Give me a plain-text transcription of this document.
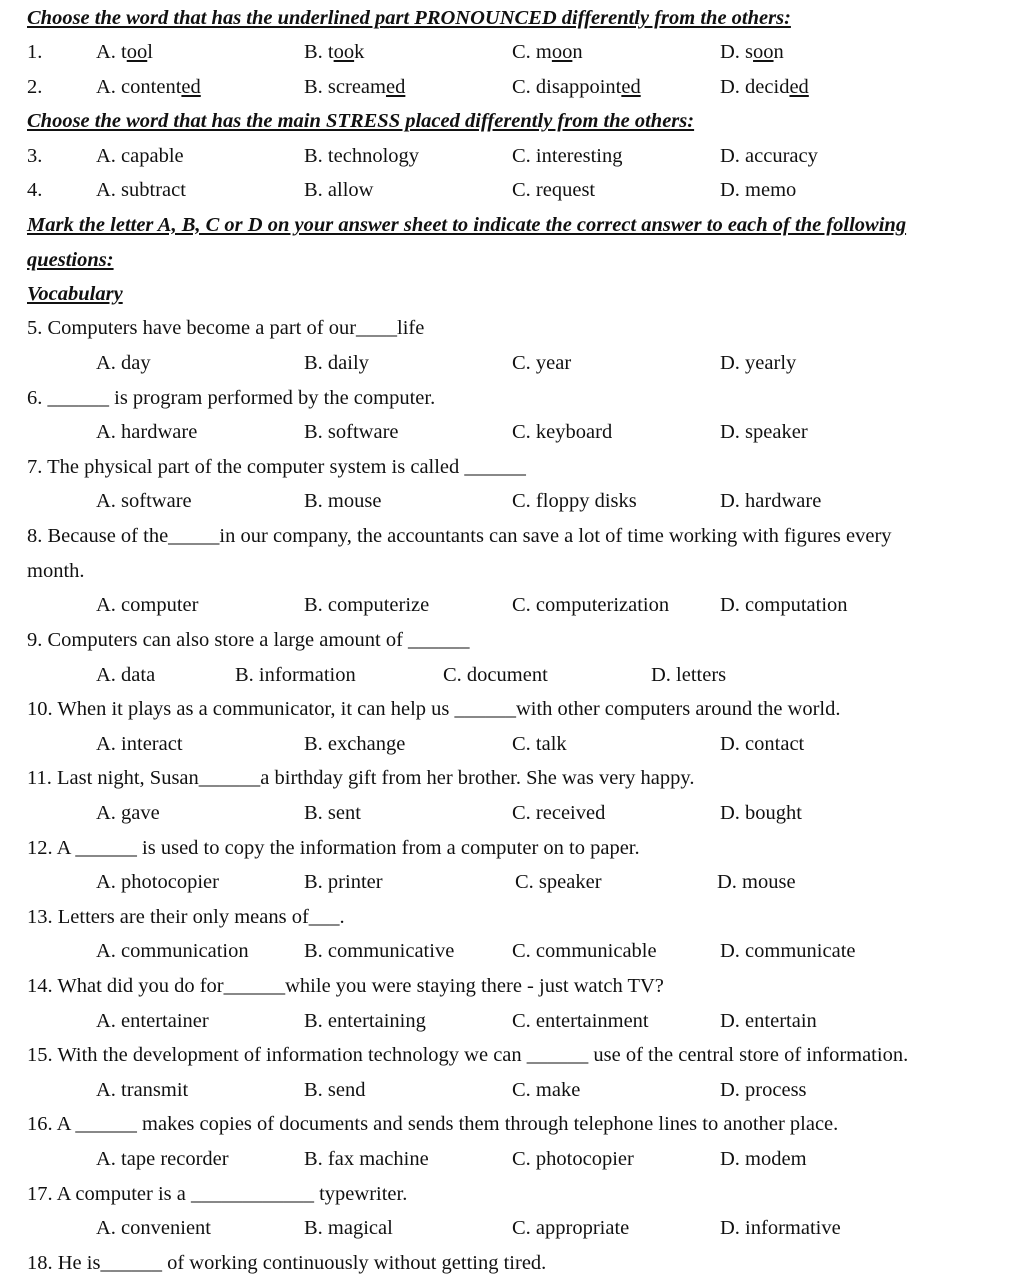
Choose the word that has the underlined part PRONOUNCED differently from the others:
1.	A. tool	B. took	C. moon	D. soon
2.	A. contented	B. screamed	C. disappointed	D. decided
Choose the word that has the main STRESS placed differently from the others:
3.	A. capable	B. technology	C. interesting	D. accuracy
4.	A. subtract	B. allow	C. request	D. memo
Mark the letter A, B, C or D on your answer sheet to indicate the correct answer to each of the following
questions:
Vocabulary
5. Computers have become a part of our____life
A. day	B. daily	C. year	D. yearly
6. ______ is program performed by the computer.
A. hardware	B. software	C. keyboard	D. speaker
7. The physical part of the computer system is called ______
A. software	B. mouse	C. floppy disks	D. hardware
8. Because of the_____in our company, the accountants can save a lot of time working with figures every
month.
A. computer	B. computerize	C. computerization D. computation
9. Computers can also store a large amount of ______
A. data	B. information	C. document	D. letters
10. When it plays as a communicator, it can help us ______with other computers around the world.
A. interact	B. exchange	C. talk	D. contact
11. Last night, Susan______a birthday gift from her brother. She was very happy.
A. gave	B. sent	C. received	D. bought
12. A ______ is used to copy the information from a computer on to paper.
A. photocopier	B. printer	C. speaker	D. mouse
13. Letters are their only means of___.
A. communication	B. communicative	C. communicable	D. communicate
14. What did you do for______while you were staying there - just watch TV?
A. entertainer	B. entertaining	C. entertainment	D. entertain
15. With the development of information technology we can ______ use of the central store of information.
A. transmit	B. send	C. make	D. process
16. A ______ makes copies of documents and sends them through telephone lines to another place.
A. tape recorder	B. fax machine	C. photocopier	D. modem
17. A computer is a ____________ typewriter.
A. convenient	B. magical	C. appropriate	D. informative
18. He is______ of working continuously without getting tired.
